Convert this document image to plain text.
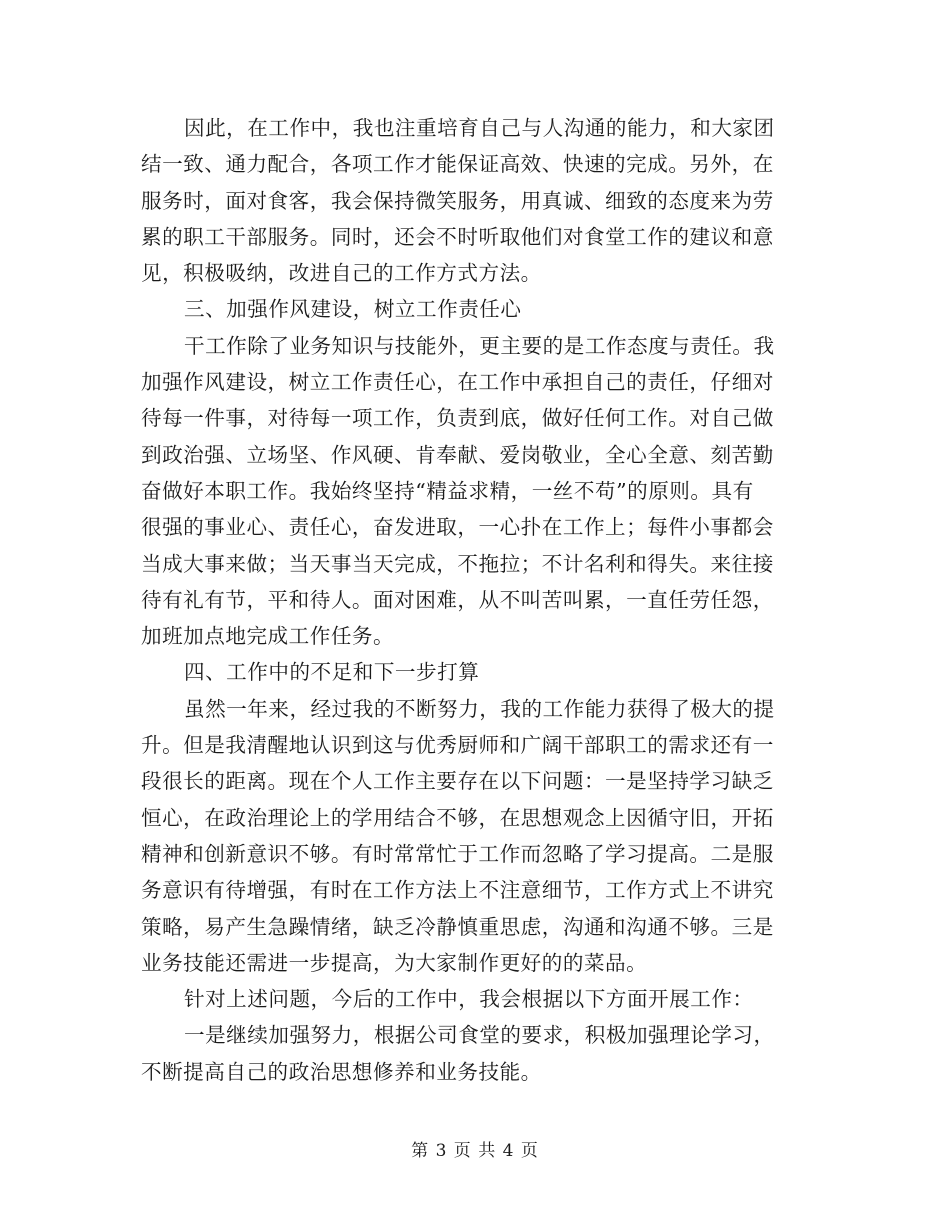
因此，在工作中，我也注重培育自己与人沟通的能力，和大家团
结一致、通力配合，各项工作才能保证高效、快速的完成。另外，在
服务时，面对食客，我会保持微笑服务，用真诚、细致的态度来为劳
累的职工干部服务。同时，还会不时听取他们对食堂工作的建议和意
见，积极吸纳，改进自己的工作方式方法。
三、加强作风建设，树立工作责任心
干工作除了业务知识与技能外，更主要的是工作态度与责任。我
加强作风建设，树立工作责任心，在工作中承担自己的责任，仔细对
待每一件事，对待每一项工作，负责到底，做好任何工作。对自己做
到政治强、立场坚、作风硬、肯奉献、爱岗敬业，全心全意、刻苦勤
奋做好本职工作。我始终坚持“精益求精，一丝不苟”的原则。具有
很强的事业心、责任心，奋发进取，一心扑在工作上；每件小事都会
当成大事来做；当天事当天完成，不拖拉；不计名利和得失。来往接
待有礼有节，平和待人。面对困难，从不叫苦叫累，一直任劳任怨，
加班加点地完成工作任务。
四、工作中的不足和下一步打算
虽然一年来，经过我的不断努力，我的工作能力获得了极大的提
升。但是我清醒地认识到这与优秀厨师和广阔干部职工的需求还有一
段很长的距离。现在个人工作主要存在以下问题：一是坚持学习缺乏
恒心，在政治理论上的学用结合不够，在思想观念上因循守旧，开拓
精神和创新意识不够。有时常常忙于工作而忽略了学习提高。二是服
务意识有待增强，有时在工作方法上不注意细节，工作方式上不讲究
策略，易产生急躁情绪，缺乏冷静慎重思虑，沟通和沟通不够。三是
业务技能还需进一步提高，为大家制作更好的的菜品。
针对上述问题，今后的工作中，我会根据以下方面开展工作：
一是继续加强努力，根据公司食堂的要求，积极加强理论学习，
不断提高自己的政治思想修养和业务技能。
第 3 页 共 4 页
